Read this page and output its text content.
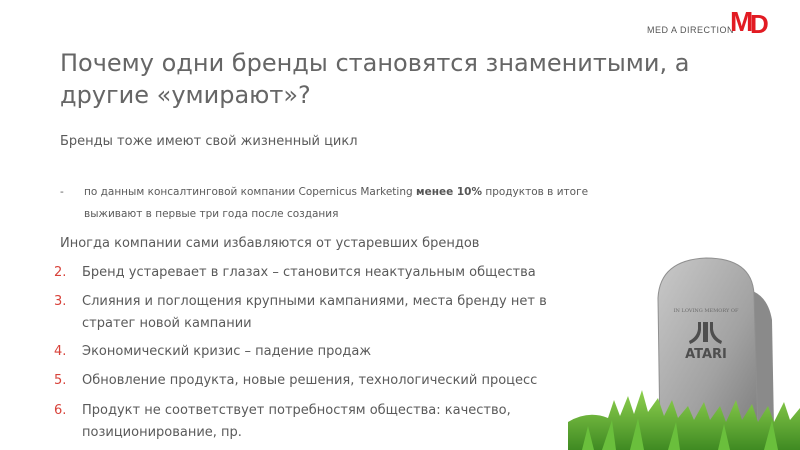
MED A DIRECTION
M
D
Почему одни бренды становятся знаменитыми, а другие «умирают»?
Бренды тоже имеют свой жизненный цикл
- по данным консалтинговой компании Copernicus Marketing менее 10% продуктов в итоге выживают в первые три года после создания
Иногда компании сами избавляются от устаревших брендов
2. Бренд устаревает в глазах – становится неактуальным общества
3. Слияния и поглощения крупными кампаниями, места бренду нет в стратег новой кампании
4. Экономический кризис – падение продаж
5. Обновление продукта, новые решения, технологический процесс
6. Продукт не соответствует потребностям общества: качество, позиционирование, пр.
IN LOVING MEMORY OF
ATARI
